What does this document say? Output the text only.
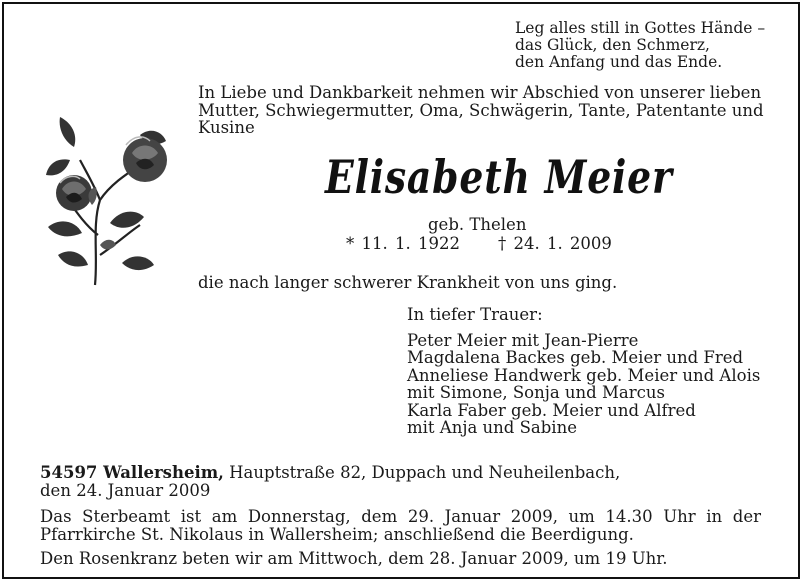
Leg alles still in Gottes Hände –
das Glück, den Schmerz,
den Anfang und das Ende.
In Liebe und Dankbarkeit nehmen wir Abschied von unserer lieben
Mutter, Schwiegermutter, Oma, Schwägerin, Tante, Patentante und
Kusine
Elisabeth Meier
geb. Thelen
* 11. 1. 1922 † 24. 1. 2009
die nach langer schwerer Krankheit von uns ging.
In tiefer Trauer:
Peter Meier mit Jean-Pierre
Magdalena Backes geb. Meier und Fred
Anneliese Handwerk geb. Meier und Alois
mit Simone, Sonja und Marcus
Karla Faber geb. Meier und Alfred
mit Anja und Sabine
54597 Wallersheim, Hauptstraße 82, Duppach und Neuheilenbach,
den 24. Januar 2009
Das Sterbeamt ist am Donnerstag, dem 29. Januar 2009, um 14.30 Uhr in der Pfarrkirche St. Nikolaus in Wallersheim; anschließend die Beerdigung.
Den Rosenkranz beten wir am Mittwoch, dem 28. Januar 2009, um 19 Uhr.
